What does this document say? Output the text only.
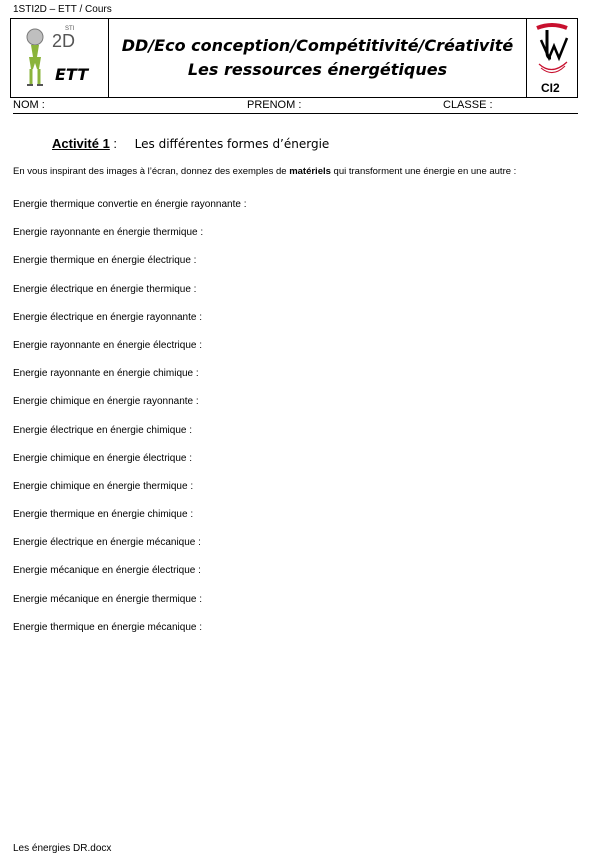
1STI2D – ETT / Cours
STI
2D
ETT
DD/Eco conception/Compétitivité/Créativité
Les ressources énergétiques
CI2
NOM :	PRENOM :	CLASSE :
Activité 1 : Les différentes formes d’énergie
En vous inspirant des images à l’écran, donnez des exemples de matériels qui transforment une énergie en une autre :
Energie thermique convertie en énergie rayonnante :
Energie rayonnante en énergie thermique :
Energie thermique en énergie électrique :
Energie électrique en énergie thermique :
Energie électrique en énergie rayonnante :
Energie rayonnante en énergie électrique :
Energie rayonnante en énergie chimique :
Energie chimique en énergie rayonnante :
Energie électrique en énergie chimique :
Energie chimique en énergie électrique :
Energie chimique en énergie thermique :
Energie thermique en énergie chimique :
Energie électrique en énergie mécanique :
Energie mécanique en énergie électrique :
Energie mécanique en énergie thermique :
Energie thermique en énergie mécanique :
Les énergies DR.docx
